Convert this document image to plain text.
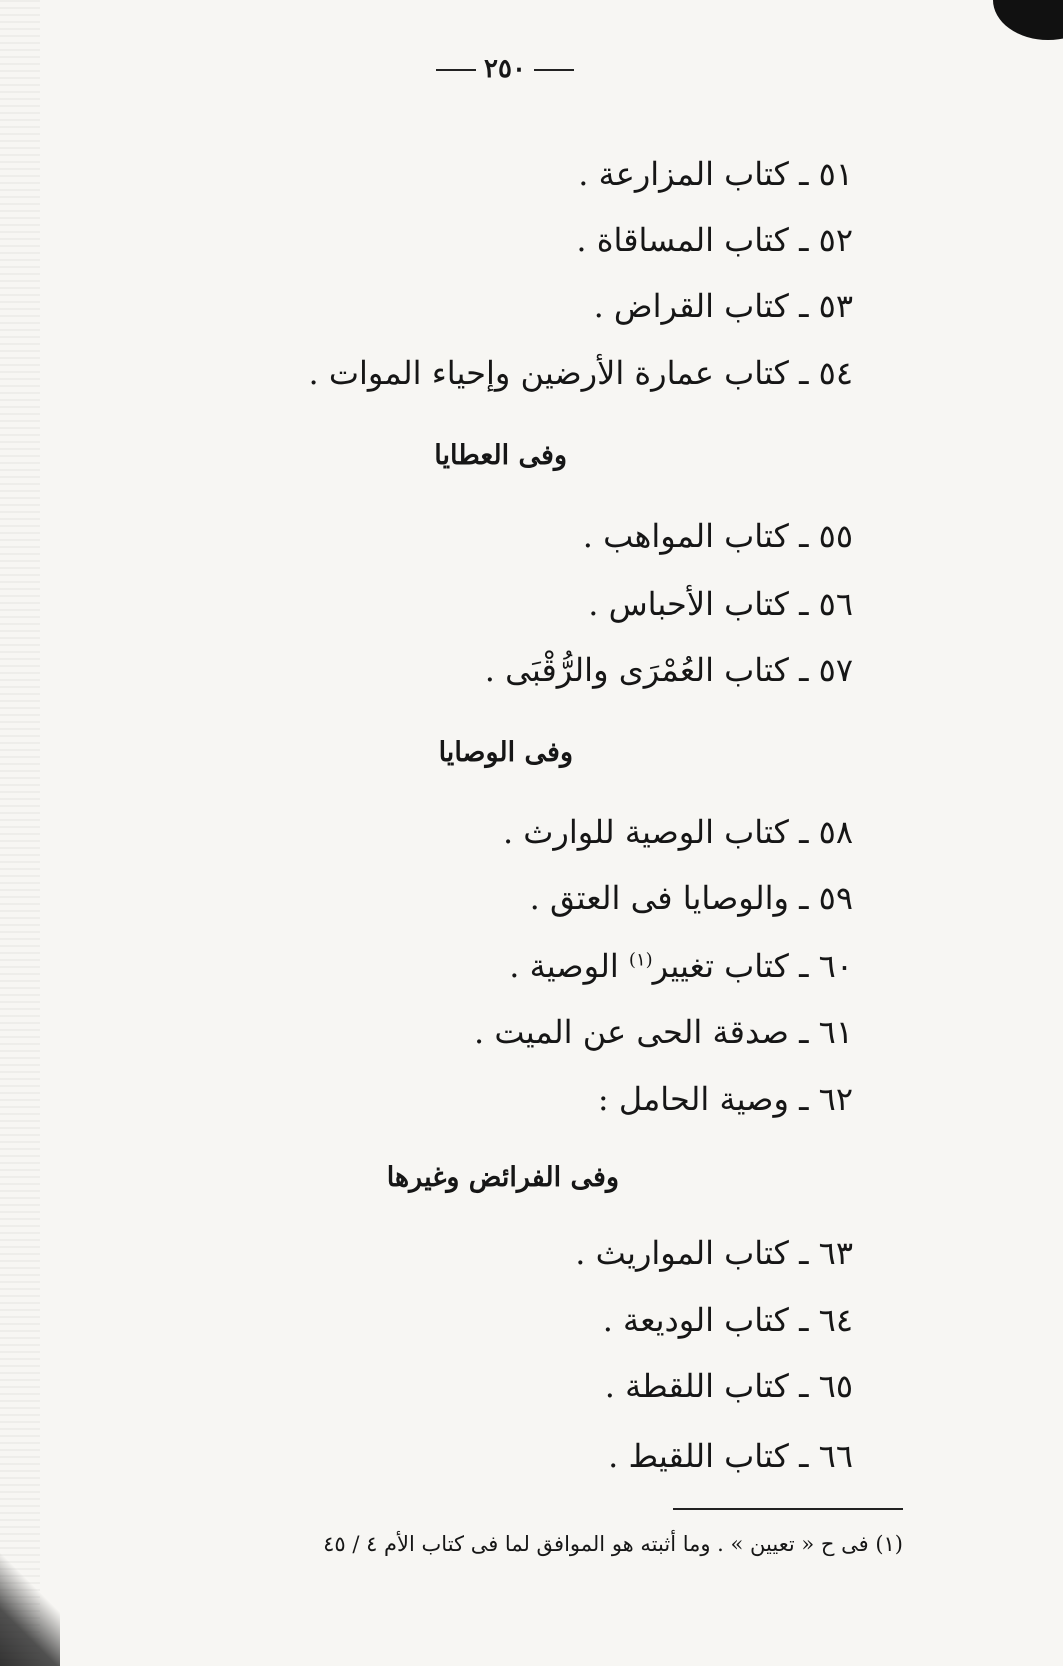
٢٥٠
٥١ ـ كتاب المزارعة .
٥٢ ـ كتاب المساقاة .
٥٣ ـ كتاب القراض .
٥٤ ـ كتاب عمارة الأرضين وإحياء الموات .
وفى العطايا
٥٥ ـ كتاب المواهب .
٥٦ ـ كتاب الأحباس .
٥٧ ـ كتاب العُمْرَى والرُّقْبَى .
وفى الوصايا
٥٨ ـ كتاب الوصية للوارث .
٥٩ ـ والوصايا فى العتق .
٦٠ ـ كتاب تغيير$^{(١)}$ الوصية .
٦١ ـ صدقة الحى عن الميت .
٦٢ ـ وصية الحامل :
وفى الفرائض وغيرها
٦٣ ـ كتاب المواريث .
٦٤ ـ كتاب الوديعة .
٦٥ ـ كتاب اللقطة .
٦٦ ـ كتاب اللقيط .
(١) فى ح « تعيين » . وما أثبته هو الموافق لما فى كتاب الأم ٤ / ٤٥
